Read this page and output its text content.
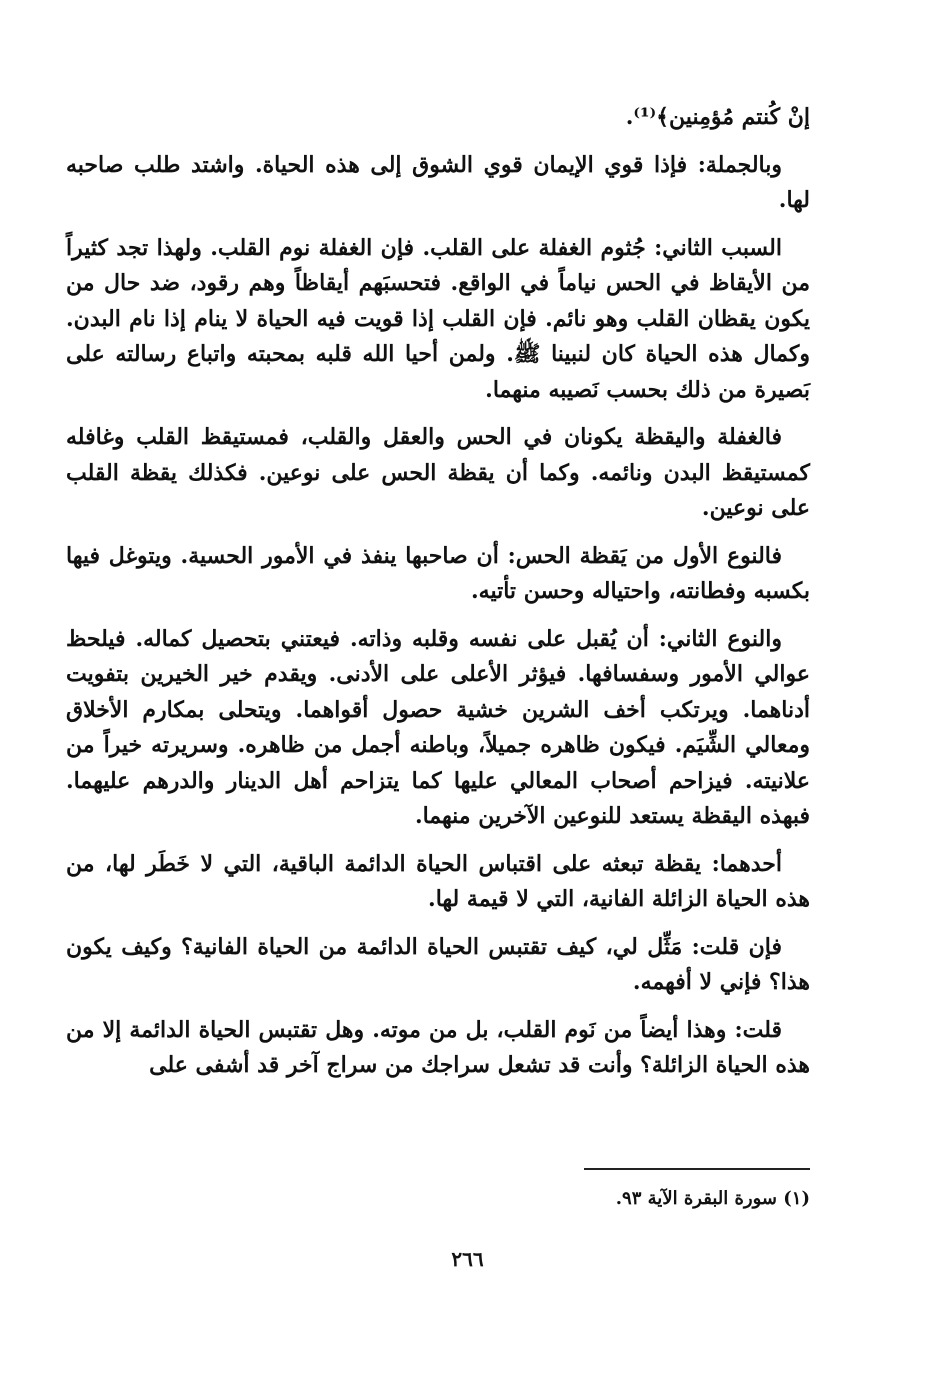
إنْ كُنتم مُؤمِنين﴾⁽¹⁾.

وبالجملة: فإذا قوي الإيمان قوي الشوق إلى هذه الحياة. واشتد طلب صاحبه لها.

السبب الثاني: جُثوم الغفلة على القلب. فإن الغفلة نوم القلب. ولهذا تجد كثيراً من الأيقاظ في الحس نياماً في الواقع. فتحسبَهم أيقاظاً وهم رقود، ضد حال من يكون يقظان القلب وهو نائم. فإن القلب إذا قويت فيه الحياة لا ينام إذا نام البدن. وكمال هذه الحياة كان لنبينا ﷺ. ولمن أحيا الله قلبه بمحبته واتباع رسالته على بَصيرة من ذلك بحسب نَصيبه منهما.

فالغفلة واليقظة يكونان في الحس والعقل والقلب، فمستيقظ القلب وغافله كمستيقظ البدن ونائمه. وكما أن يقظة الحس على نوعين. فكذلك يقظة القلب على نوعين.

فالنوع الأول من يَقظة الحس: أن صاحبها ينفذ في الأمور الحسية. ويتوغل فيها بكسبه وفطانته، واحتياله وحسن تأتيه.

والنوع الثاني: أن يُقبل على نفسه وقلبه وذاته. فيعتني بتحصيل كماله. فيلحظ عوالي الأمور وسفسافها. فيؤثر الأعلى على الأدنى. ويقدم خير الخيرين بتفويت أدناهما. ويرتكب أخف الشرين خشية حصول أقواهما. ويتحلى بمكارم الأخلاق ومعالي الشِّيَم. فيكون ظاهره جميلاً، وباطنه أجمل من ظاهره. وسريرته خيراً من علانيته. فيزاحم أصحاب المعالي عليها كما يتزاحم أهل الدينار والدرهم عليهما. فبهذه اليقظة يستعد للنوعين الآخرين منهما.

أحدهما: يقظة تبعثه على اقتباس الحياة الدائمة الباقية، التي لا خَطَر لها، من هذه الحياة الزائلة الفانية، التي لا قيمة لها.

فإن قلت: مَثِّل لي، كيف تقتبس الحياة الدائمة من الحياة الفانية؟ وكيف يكون هذا؟ فإني لا أفهمه.

قلت: وهذا أيضاً من نَوم القلب، بل من موته. وهل تقتبس الحياة الدائمة إلا من هذه الحياة الزائلة؟ وأنت قد تشعل سراجك من سراج آخر قد أشفى على

(١) سورة البقرة الآية ٩٣.
٢٦٦
